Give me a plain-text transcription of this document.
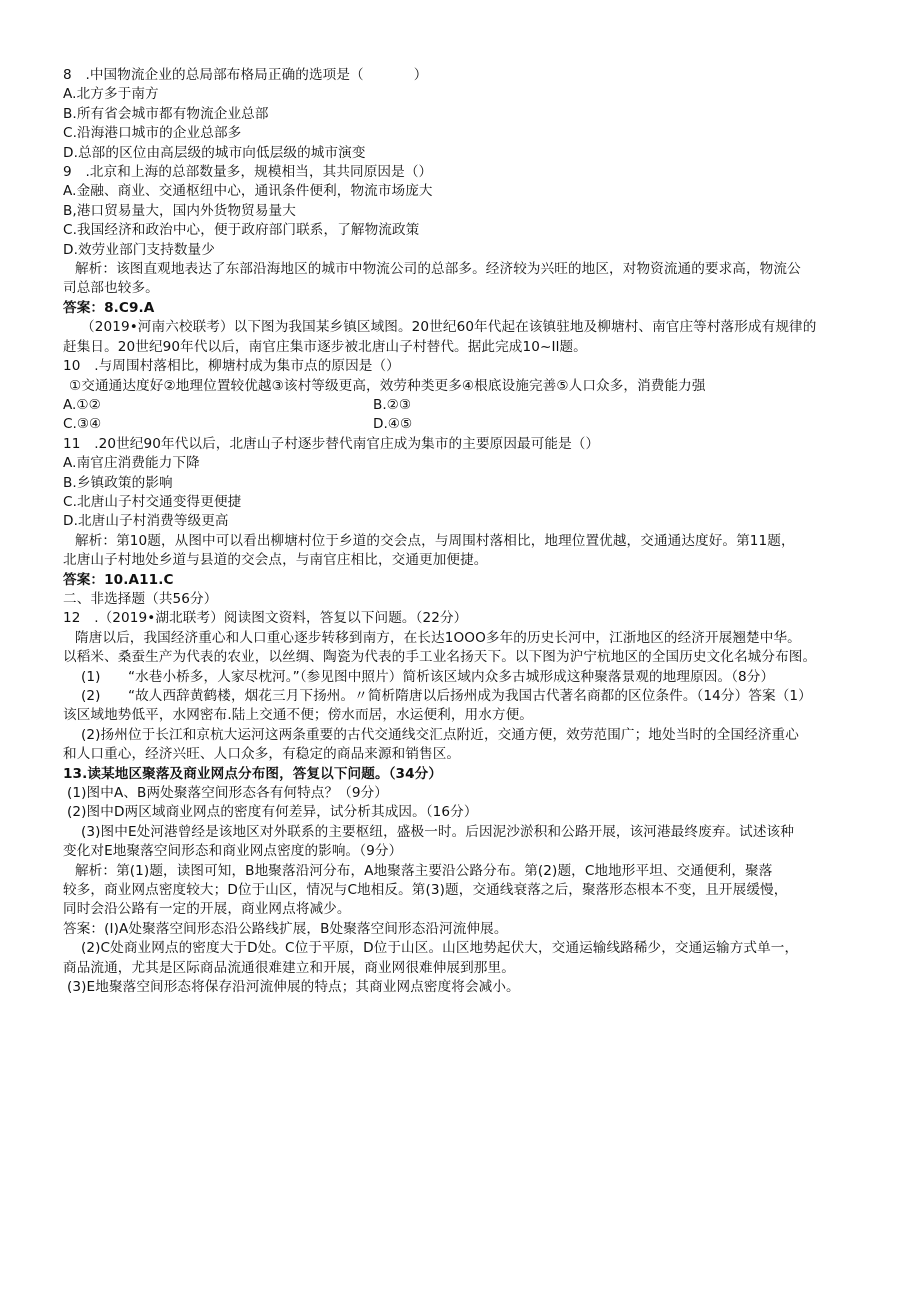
8　.中国物流企业的总局部布格局正确的选项是（	）
A.北方多于南方
B.所有省会城市都有物流企业总部
C.沿海港口城市的企业总部多
D.总部的区位由高层级的城市向低层级的城市演变
9　.北京和上海的总部数量多，规模相当，其共同原因是（）
A.金融、商业、交通枢纽中心，通讯条件便利，物流市场庞大
B,港口贸易量大，国内外货物贸易量大
C.我国经济和政治中心，便于政府部门联系，了解物流政策
D.效劳业部门支持数量少
解析：该图直观地表达了东部沿海地区的城市中物流公司的总部多。经济较为兴旺的地区，对物资流通的要求高，物流公
司总部也较多。
答案：8.C9.A
（2019•河南六校联考）以下图为我国某乡镇区域图。20世纪60年代起在该镇驻地及柳塘村、南官庄等村落形成有规律的
赶集日。20世纪90年代以后，南官庄集市逐步被北唐山子村替代。据此完成10~Il题。
10　.与周围村落相比，柳塘村成为集市点的原因是（）
①交通通达度好②地理位置较优越③该村等级更高，效劳种类更多④根底设施完善⑤人口众多，消费能力强
A.①②	B.②③
C.③④	D.④⑤
11　.20世纪90年代以后，北唐山子村逐步替代南官庄成为集市的主要原因最可能是（）
A.南官庄消费能力下降
B.乡镇政策的影响
C.北唐山子村交通变得更便捷
D.北唐山子村消费等级更高
解析：第10题，从图中可以看出柳塘村位于乡道的交会点，与周围村落相比，地理位置优越，交通通达度好。第11题，
北唐山子村地处乡道与县道的交会点，与南官庄相比，交通更加便捷。
答案：10.A11.C
二、非选择题（共56分）
12　.（2019•湖北联考）阅读图文资料，答复以下问题。（22分）
隋唐以后，我国经济重心和人口重心逐步转移到南方，在长达1OOO多年的历史长河中，江浙地区的经济开展翘楚中华。
以稻米、桑蚕生产为代表的农业，以丝绸、陶瓷为代表的手工业名扬天下。以下图为沪宁杭地区的全国历史文化名城分布图。
(1)　　“水巷小桥多，人家尽枕河。”（参见图中照片）简析该区域内众多古城形成这种聚落景观的地理原因。（8分）
(2)　　“故人西辞黄鹤楼，烟花三月下扬州。〃简析隋唐以后扬州成为我国古代著名商都的区位条件。（14分）答案（1）
该区域地势低平，水网密布.陆上交通不便；傍水而居，水运便利，用水方便。
(2)扬州位于长江和京杭大运河这两条重要的古代交通线交汇点附近，交通方便，效劳范围广；地处当时的全国经济重心
和人口重心，经济兴旺、人口众多，有稳定的商品来源和销售区。
13.读某地区聚落及商业网点分布图，答复以下问题。（34分）
(1)图中A、B两处聚落空间形态各有何特点？（9分）
(2)图中D两区域商业网点的密度有何差异，试分析其成因。（16分）
(3)图中E处河港曾经是该地区对外联系的主要枢纽，盛极一时。后因泥沙淤积和公路开展，该河港最终废弃。试述该种
变化对E地聚落空间形态和商业网点密度的影响。（9分）
解析：第(1)题，读图可知，B地聚落沿河分布，A地聚落主要沿公路分布。第(2)题，C地地形平坦、交通便利，聚落
较多，商业网点密度较大；D位于山区，情况与C地相反。第(3)题，交通线衰落之后，聚落形态根本不变，且开展缓慢，
同时会沿公路有一定的开展，商业网点将减少。
答案：(I)A处聚落空间形态沿公路线扩展，B处聚落空间形态沿河流伸展。
(2)C处商业网点的密度大于D处。C位于平原，D位于山区。山区地势起伏大，交通运输线路稀少，交通运输方式单一，
商品流通，尤其是区际商品流通很难建立和开展，商业网很难伸展到那里。
(3)E地聚落空间形态将保存沿河流伸展的特点；其商业网点密度将会减小。
